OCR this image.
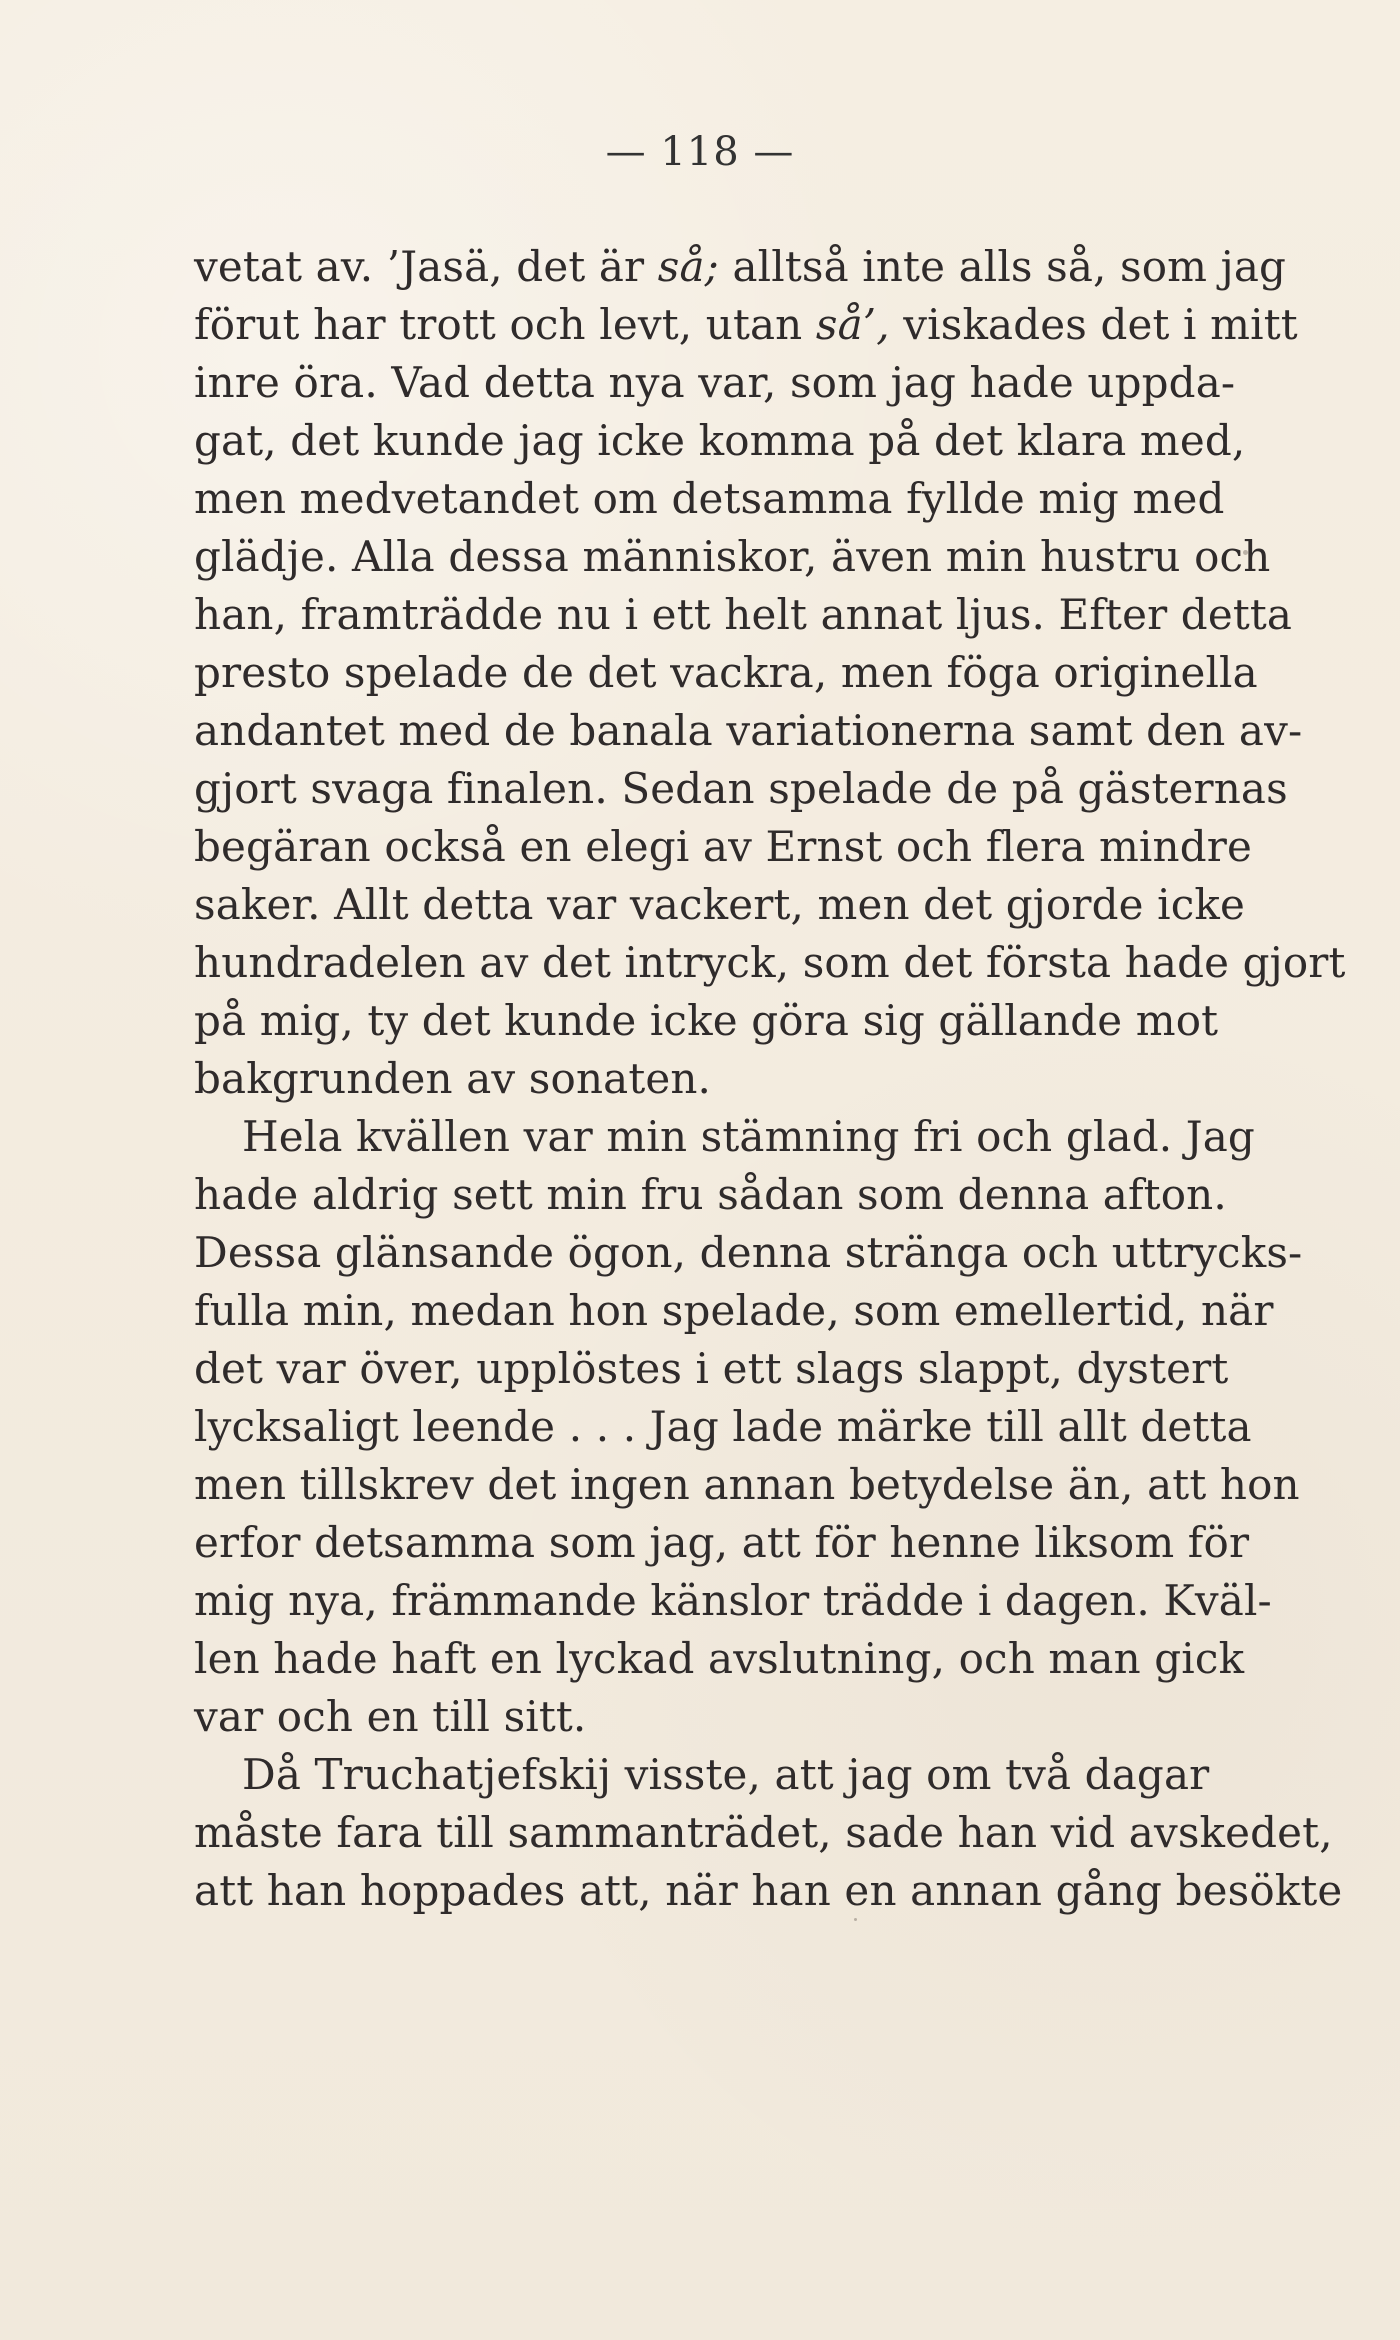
— 118 —
vetat av. ’Jasä, det är så; alltså inte alls så, som jag
förut har trott och levt, utan så’, viskades det i mitt
inre öra. Vad detta nya var, som jag hade uppda-
gat, det kunde jag icke komma på det klara med,
men medvetandet om detsamma fyllde mig med
glädje. Alla dessa människor, även min hustru och
han, framträdde nu i ett helt annat ljus. Efter detta
presto spelade de det vackra, men föga originella
andantet med de banala variationerna samt den av-
gjort svaga finalen. Sedan spelade de på gästernas
begäran också en elegi av Ernst och flera mindre
saker. Allt detta var vackert, men det gjorde icke
hundradelen av det intryck, som det första hade gjort
på mig, ty det kunde icke göra sig gällande mot
bakgrunden av sonaten.
Hela kvällen var min stämning fri och glad. Jag
hade aldrig sett min fru sådan som denna afton.
Dessa glänsande ögon, denna stränga och uttrycks-
fulla min, medan hon spelade, som emellertid, när
det var över, upplöstes i ett slags slappt, dystert
lycksaligt leende . . . Jag lade märke till allt detta
men tillskrev det ingen annan betydelse än, att hon
erfor detsamma som jag, att för henne liksom för
mig nya, främmande känslor trädde i dagen. Kväl-
len hade haft en lyckad avslutning, och man gick
var och en till sitt.
Då Truchatjefskij visste, att jag om två dagar
måste fara till sammanträdet, sade han vid avskedet,
att han hoppades att, när han en annan gång besökte
